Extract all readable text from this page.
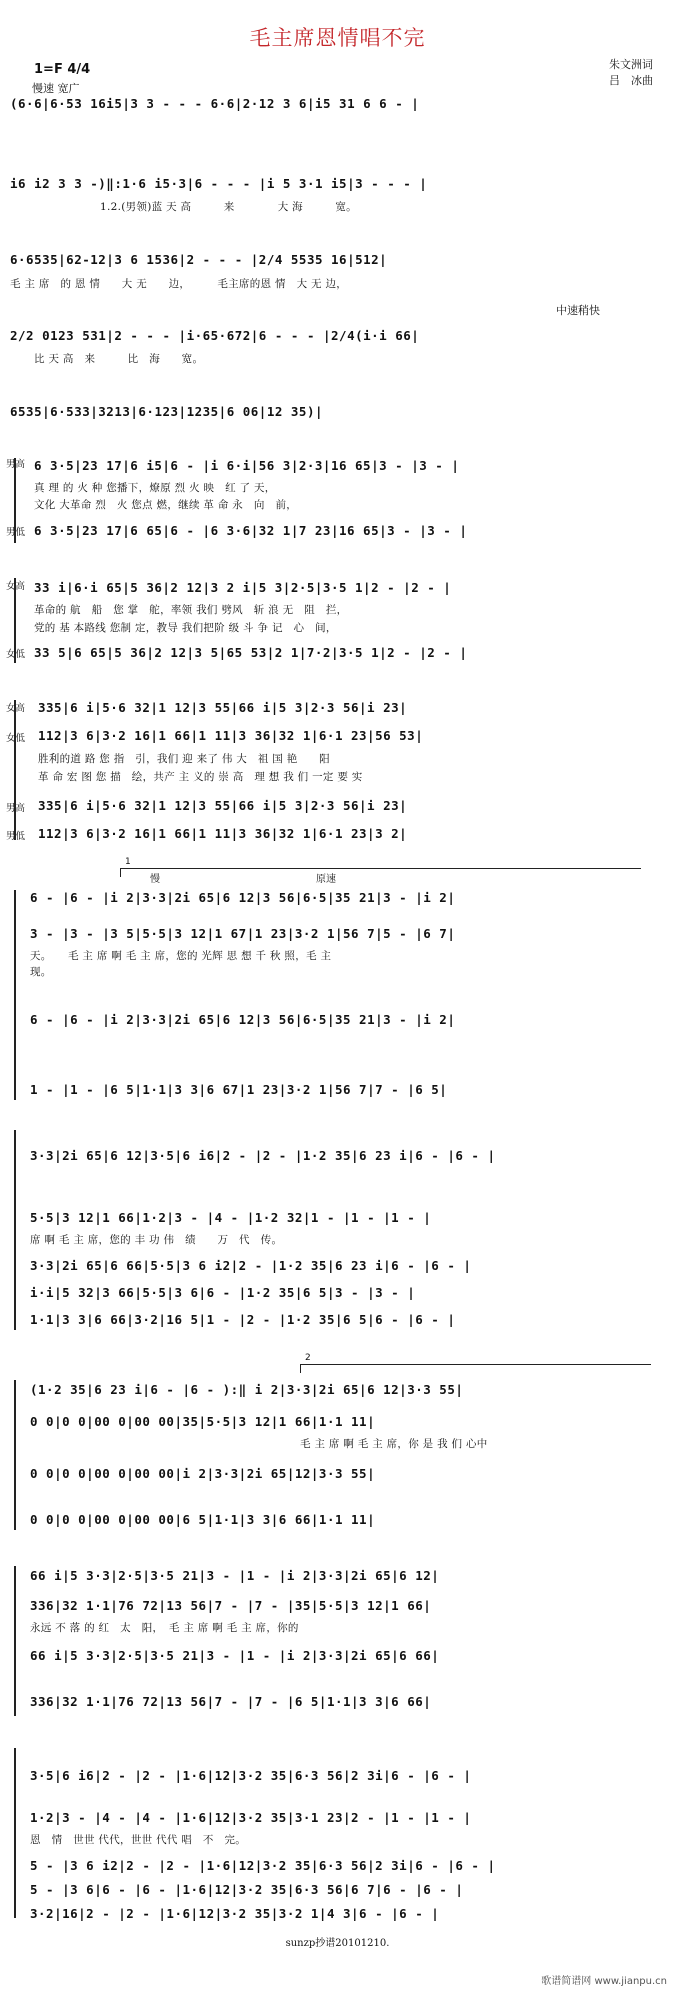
毛主席恩情唱不完
1=F 4/4	朱文洲词
吕　冰曲
慢速 宽广
中速稍快
(6·6|6·53 16i5|3 3 - - - 6·6|2·12 3 6|i5 31 6 6 - |
i6 i2 3 3 -)‖:1·6 i5·3|6 - - - |i 5 3·1 i5|3 - - - |
1.2.(男领)蓝 天 高　　　来　　　　大 海　　　宽。
6·6535|62-12|3 6 1536|2 - - - |2/4 5535 16|512|
毛 主 席　的 恩 情　　大 无　　边，　　　毛主席的恩 情　大 无 边，
2/2 0123 531|2 - - - |i·65·672|6 - - - |2/4(i·i 66|
比 天 高　来　　　比　海　　宽。
6535|6·533|3213|6·123|1235|6 06|12 35)|
男高
男低
6 3·5|23 17|6 i5|6 - |i 6·i|56 3|2·3|16 65|3 - |3 - |
真 理 的 火 种 您播下，燎原 烈 火 映　红 了 天，
文化 大革命 烈　火 您点 燃，继续 革 命 永　向　前，
6 3·5|23 17|6 65|6 - |6 3·6|32 1|7 23|16 65|3 - |3 - |
女高
女低
33 i|6·i 65|5 36|2 12|3 2 i|5 3|2·5|3·5 1|2 - |2 - |
革命的 航　船　您 掌　舵，率领 我们 劈风　斩 浪 无　阻　拦，
党的 基 本路线 您制 定，教导 我们把阶 级 斗 争 记　心　间，
33 5|6 65|5 36|2 12|3 5|65 53|2 1|7·2|3·5 1|2 - |2 - |
女高
女低
男高
男低
335|6 i|5·6 32|1 12|3 55|66 i|5 3|2·3 56|i 23|
112|3 6|3·2 16|1 66|1 11|3 36|32 1|6·1 23|56 53|
胜利的道 路 您 指　引，我们 迎 来了 伟 大　祖 国 艳　　阳
革 命 宏 图 您 描　绘，共产 主 义的 崇 高　理 想 我 们 一定 要 实
335|6 i|5·6 32|1 12|3 55|66 i|5 3|2·3 56|i 23|
112|3 6|3·2 16|1 66|1 11|3 36|32 1|6·1 23|3 2|
1
慢	原速
6 - |6 - |i 2|3·3|2i 65|6 12|3 56|6·5|35 21|3 - |i 2|
3 - |3 - |3 5|5·5|3 12|1 67|1 23|3·2 1|56 7|5 - |6 7|
天。　　毛 主 席 啊 毛 主 席，您的 光辉 思 想 千 秋 照，毛 主
现。
6 - |6 - |i 2|3·3|2i 65|6 12|3 56|6·5|35 21|3 - |i 2|
1 - |1 - |6 5|1·1|3 3|6 67|1 23|3·2 1|56 7|7 - |6 5|
3·3|2i 65|6 12|3·5|6 i6|2 - |2 - |1·2 35|6 23 i|6 - |6 - |
5·5|3 12|1 66|1·2|3 - |4 - |1·2 32|1 - |1 - |1 - |
席 啊 毛 主 席，您的 丰 功 伟　绩　　万　代　传。
3·3|2i 65|6 66|5·5|3 6 i2|2 - |1·2 35|6 23 i|6 - |6 - |
i·i|5 32|3 66|5·5|3 6|6 - |1·2 35|6 5|3 - |3 - |
1·1|3 3|6 66|3·2|16 5|1 - |2 - |1·2 35|6 5|6 - |6 - |
2
(1·2 35|6 23 i|6 - |6 - ):‖ i 2|3·3|2i 65|6 12|3·3 55|
0 0|0 0|00 0|00 00|35|5·5|3 12|1 66|1·1 11|
毛 主 席 啊 毛 主 席，你 是 我 们 心中
0 0|0 0|00 0|00 00|i 2|3·3|2i 65|12|3·3 55|
0 0|0 0|00 0|00 00|6 5|1·1|3 3|6 66|1·1 11|
66 i|5 3·3|2·5|3·5 21|3 - |1 - |i 2|3·3|2i 65|6 12|
336|32 1·1|76 72|13 56|7 - |7 - |35|5·5|3 12|1 66|
永远 不 落 的 红　太　阳，　毛 主 席 啊 毛 主 席，你的
66 i|5 3·3|2·5|3·5 21|3 - |1 - |i 2|3·3|2i 65|6 66|
336|32 1·1|76 72|13 56|7 - |7 - |6 5|1·1|3 3|6 66|
3·5|6 i6|2 - |2 - |1·6|12|3·2 35|6·3 56|2 3i|6 - |6 - |
1·2|3 - |4 - |4 - |1·6|12|3·2 35|3·1 23|2 - |1 - |1 - |
恩　情　世世 代代，世世 代代 唱　不　完。
5 - |3 6 i2|2 - |2 - |1·6|12|3·2 35|6·3 56|2 3i|6 - |6 - |
5 - |3 6|6 - |6 - |1·6|12|3·2 35|6·3 56|6 7|6 - |6 - |
3·2|16|2 - |2 - |1·6|12|3·2 35|3·2 1|4 3|6 - |6 - |
sunzp抄谱20101210.
歌谱简谱网 www.jianpu.cn
